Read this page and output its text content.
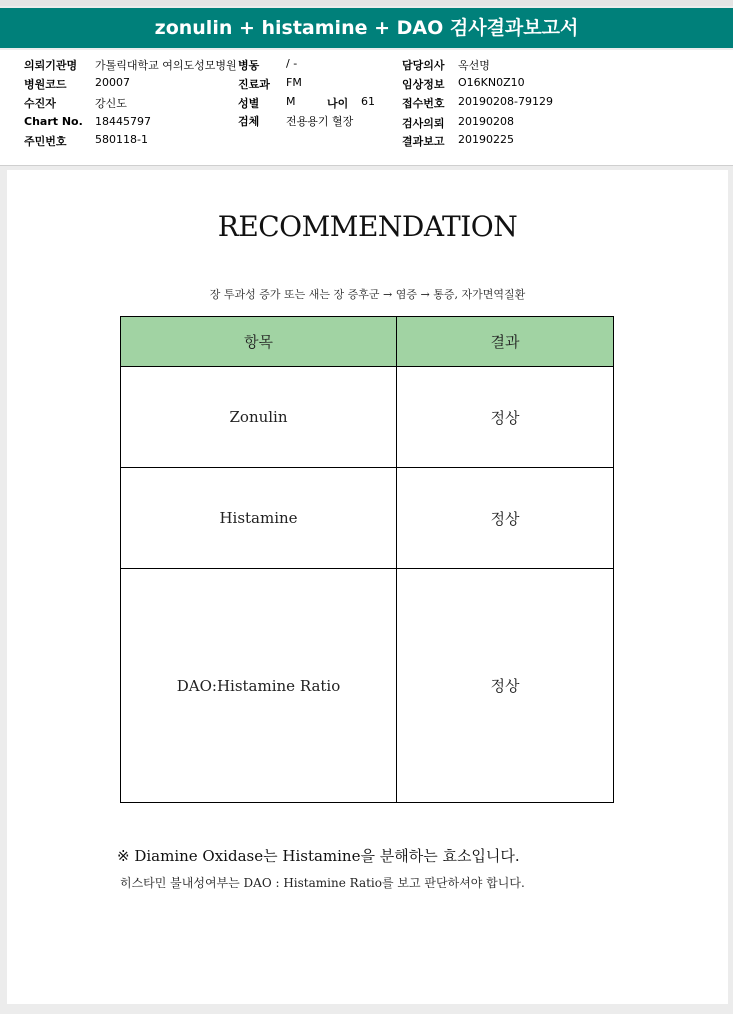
zonulin + histamine + DAO 검사결과보고서
의뢰기관명 가톨릭대학교 여의도성모병원 병동 / -	담당의사 옥선명
병원코드	20007	진료과 FM	임상정보 O16KN0Z10
수진자	강신도	성별 M	나이 61 접수번호 20190208-79129
Chart No. 18445797	검체 전용용기 혈장	검사의뢰 20190208
주민번호	580118-1	결과보고 20190225
RECOMMENDATION
장 투과성 증가 또는 새는 장 증후군 → 염증 → 통증, 자가면역질환
항목	결과
Zonulin	정상
Histamine	정상
DAO:Histamine Ratio	정상
※ Diamine Oxidase는 Histamine을 분해하는 효소입니다.
히스타민 불내성여부는 DAO : Histamine Ratio를 보고 판단하셔야 합니다.
